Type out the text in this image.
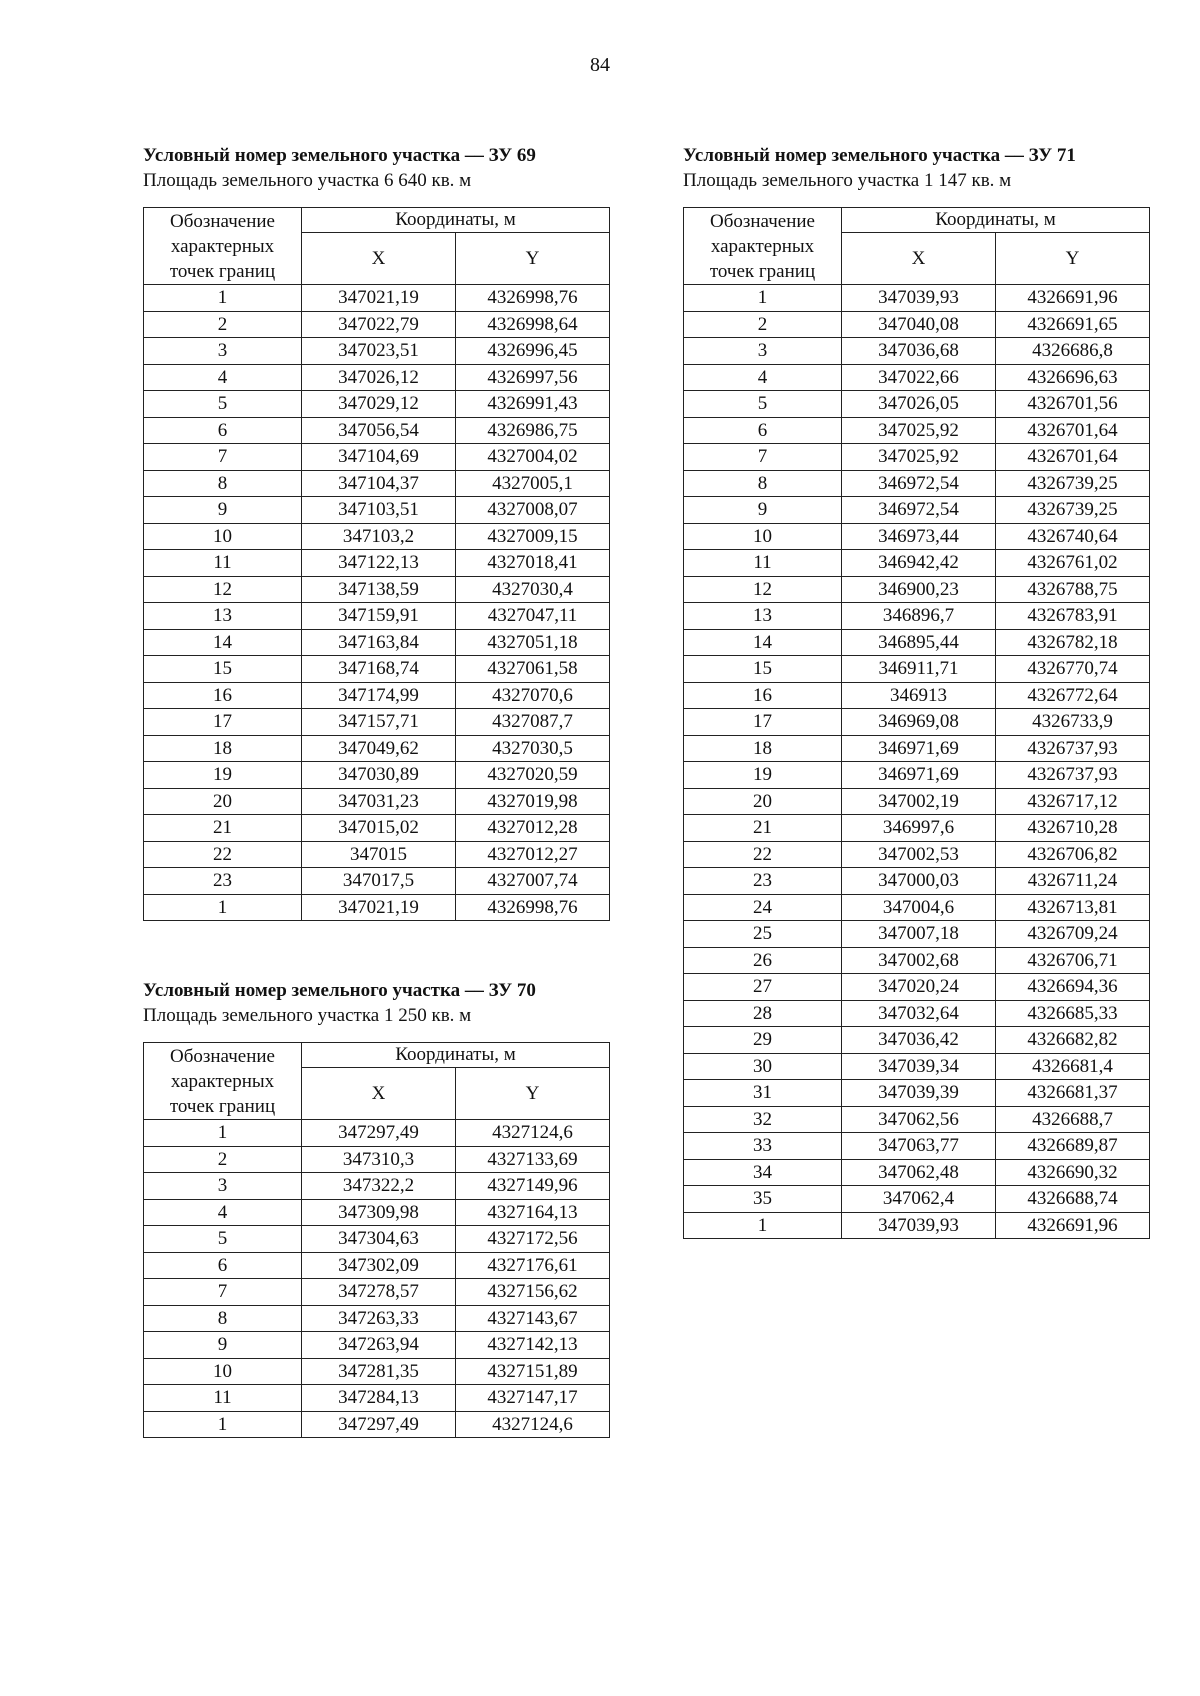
84
Условный номер земельного участка –– ЗУ 69
Площадь земельного участка 6 640 кв. м
Обозначение
характерных
точек границ	Координаты, м	
	X	Y
1	347021,19	4326998,76
2	347022,79	4326998,64
3	347023,51	4326996,45
4	347026,12	4326997,56
5	347029,12	4326991,43
6	347056,54	4326986,75
7	347104,69	4327004,02
8	347104,37	4327005,1
9	347103,51	4327008,07
10	347103,2	4327009,15
11	347122,13	4327018,41
12	347138,59	4327030,4
13	347159,91	4327047,11
14	347163,84	4327051,18
15	347168,74	4327061,58
16	347174,99	4327070,6
17	347157,71	4327087,7
18	347049,62	4327030,5
19	347030,89	4327020,59
20	347031,23	4327019,98
21	347015,02	4327012,28
22	347015	4327012,27
23	347017,5	4327007,74
1	347021,19	4326998,76
Условный номер земельного участка –– ЗУ 70
Площадь земельного участка 1 250 кв. м
Обозначение
характерных
точек границ	Координаты, м	
	X	Y
1	347297,49	4327124,6
2	347310,3	4327133,69
3	347322,2	4327149,96
4	347309,98	4327164,13
5	347304,63	4327172,56
6	347302,09	4327176,61
7	347278,57	4327156,62
8	347263,33	4327143,67
9	347263,94	4327142,13
10	347281,35	4327151,89
11	347284,13	4327147,17
1	347297,49	4327124,6
Условный номер земельного участка –– ЗУ 71
Площадь земельного участка 1 147 кв. м
Обозначение
характерных
точек границ	Координаты, м	
	X	Y
1	347039,93	4326691,96
2	347040,08	4326691,65
3	347036,68	4326686,8
4	347022,66	4326696,63
5	347026,05	4326701,56
6	347025,92	4326701,64
7	347025,92	4326701,64
8	346972,54	4326739,25
9	346972,54	4326739,25
10	346973,44	4326740,64
11	346942,42	4326761,02
12	346900,23	4326788,75
13	346896,7	4326783,91
14	346895,44	4326782,18
15	346911,71	4326770,74
16	346913	4326772,64
17	346969,08	4326733,9
18	346971,69	4326737,93
19	346971,69	4326737,93
20	347002,19	4326717,12
21	346997,6	4326710,28
22	347002,53	4326706,82
23	347000,03	4326711,24
24	347004,6	4326713,81
25	347007,18	4326709,24
26	347002,68	4326706,71
27	347020,24	4326694,36
28	347032,64	4326685,33
29	347036,42	4326682,82
30	347039,34	4326681,4
31	347039,39	4326681,37
32	347062,56	4326688,7
33	347063,77	4326689,87
34	347062,48	4326690,32
35	347062,4	4326688,74
1	347039,93	4326691,96
